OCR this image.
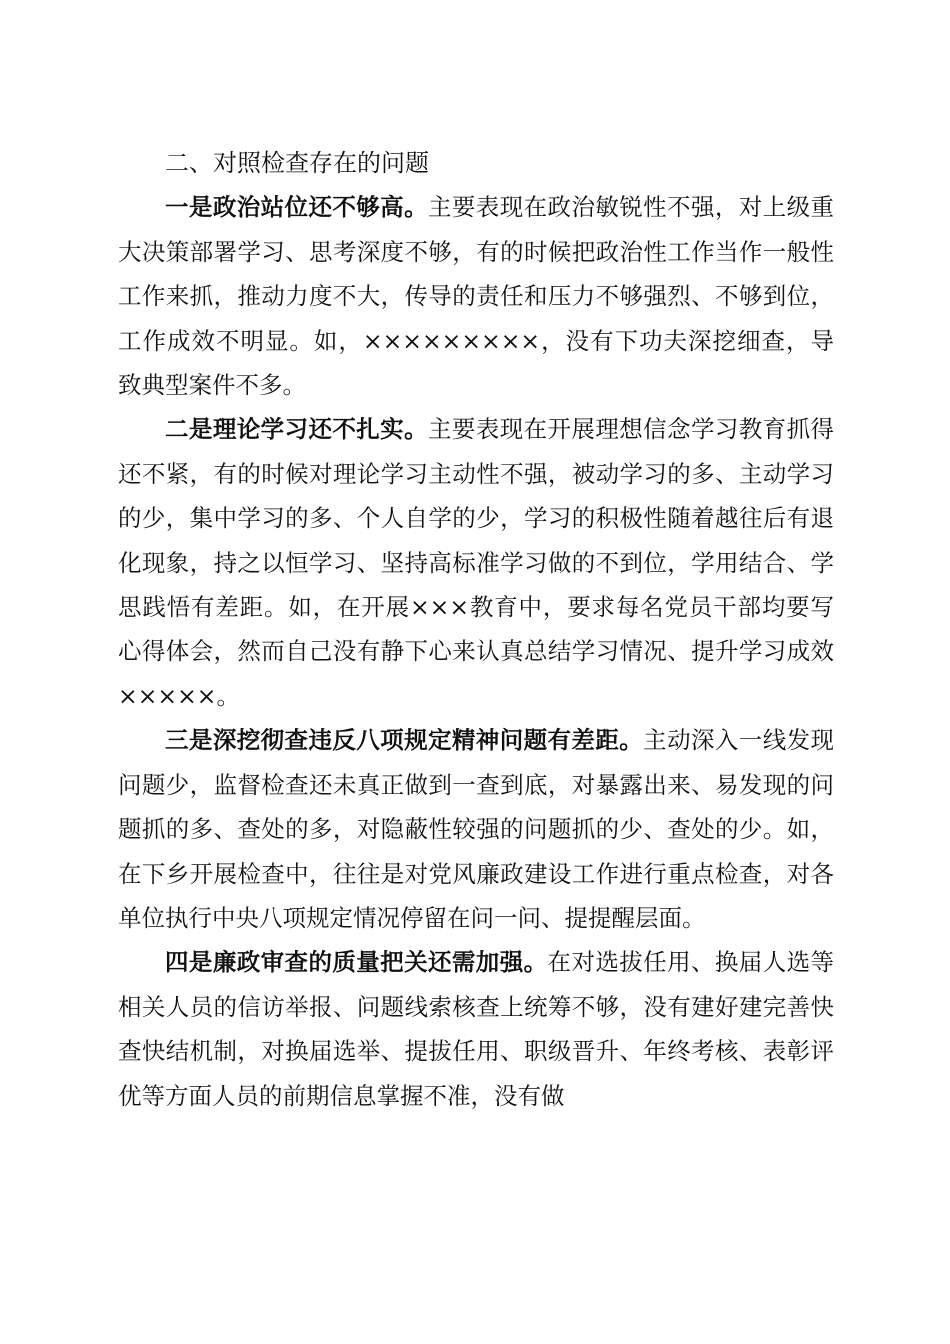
二、对照检查存在的问题

一是政治站位还不够高。主要表现在政治敏锐性不强，对上级重大决策部署学习、思考深度不够，有的时候把政治性工作当作一般性工作来抓，推动力度不大，传导的责任和压力不够强烈、不够到位，工作成效不明显。如，×××××××××，没有下功夫深挖细查，导致典型案件不多。

二是理论学习还不扎实。主要表现在开展理想信念学习教育抓得还不紧，有的时候对理论学习主动性不强，被动学习的多、主动学习的少，集中学习的多、个人自学的少，学习的积极性随着越往后有退化现象，持之以恒学习、坚持高标准学习做的不到位，学用结合、学思践悟有差距。如，在开展×××教育中，要求每名党员干部均要写心得体会，然而自己没有静下心来认真总结学习情况、提升学习成效×××××。

三是深挖彻查违反八项规定精神问题有差距。主动深入一线发现问题少，监督检查还未真正做到一查到底，对暴露出来、易发现的问题抓的多、查处的多，对隐蔽性较强的问题抓的少、查处的少。如，在下乡开展检查中，往往是对党风廉政建设工作进行重点检查，对各单位执行中央八项规定情况停留在问一问、提提醒层面。

四是廉政审查的质量把关还需加强。在对选拔任用、换届人选等相关人员的信访举报、问题线索核查上统筹不够，没有建好建完善快查快结机制，对换届选举、提拔任用、职级晋升、年终考核、表彰评优等方面人员的前期信息掌握不准，没有做
